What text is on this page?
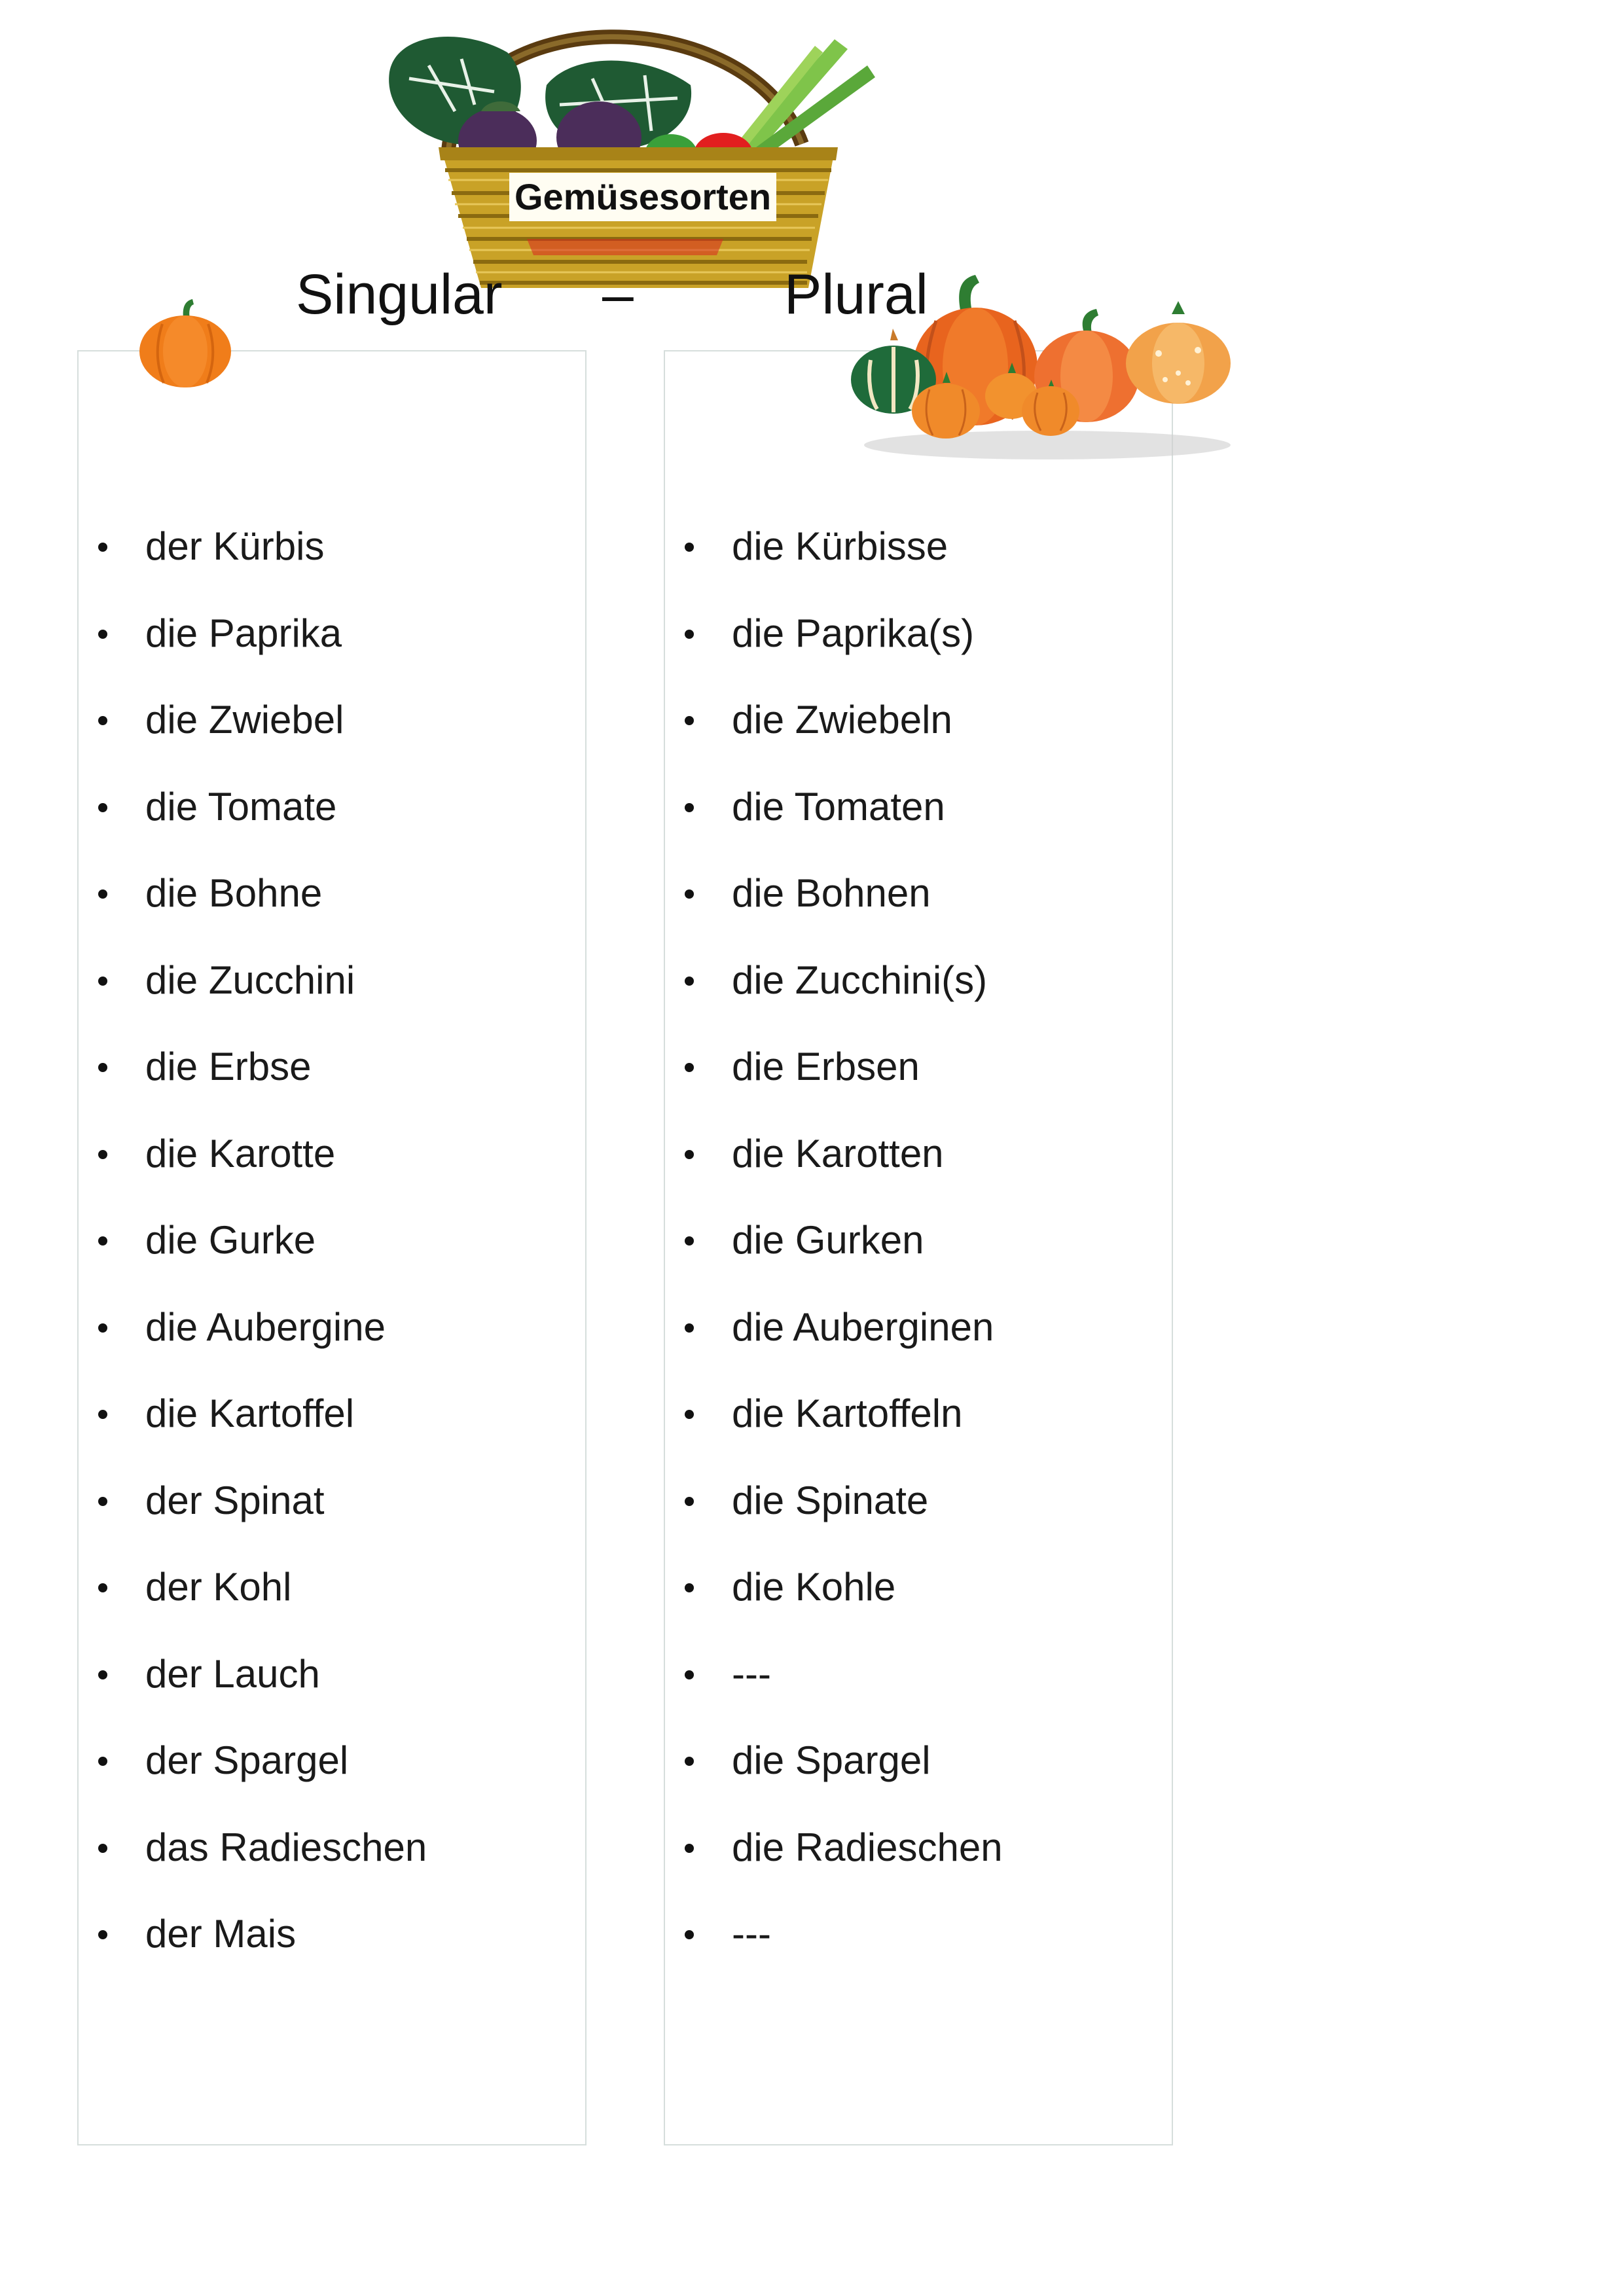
Gemüsesorten
Singular –	Plural
der Kürbis
die Paprika
die Zwiebel
die Tomate
die Bohne
die Zucchini
die Erbse
die Karotte
die Gurke
die Aubergine
die Kartoffel
der Spinat
der Kohl
der Lauch
der Spargel
das Radieschen
der Mais
die Kürbisse
die Paprika(s)
die Zwiebeln
die Tomaten
die Bohnen
die Zucchini(s)
die Erbsen
die Karotten
die Gurken
die Auberginen
die Kartoffeln
die Spinate
die Kohle
---
die Spargel
die Radieschen
---
